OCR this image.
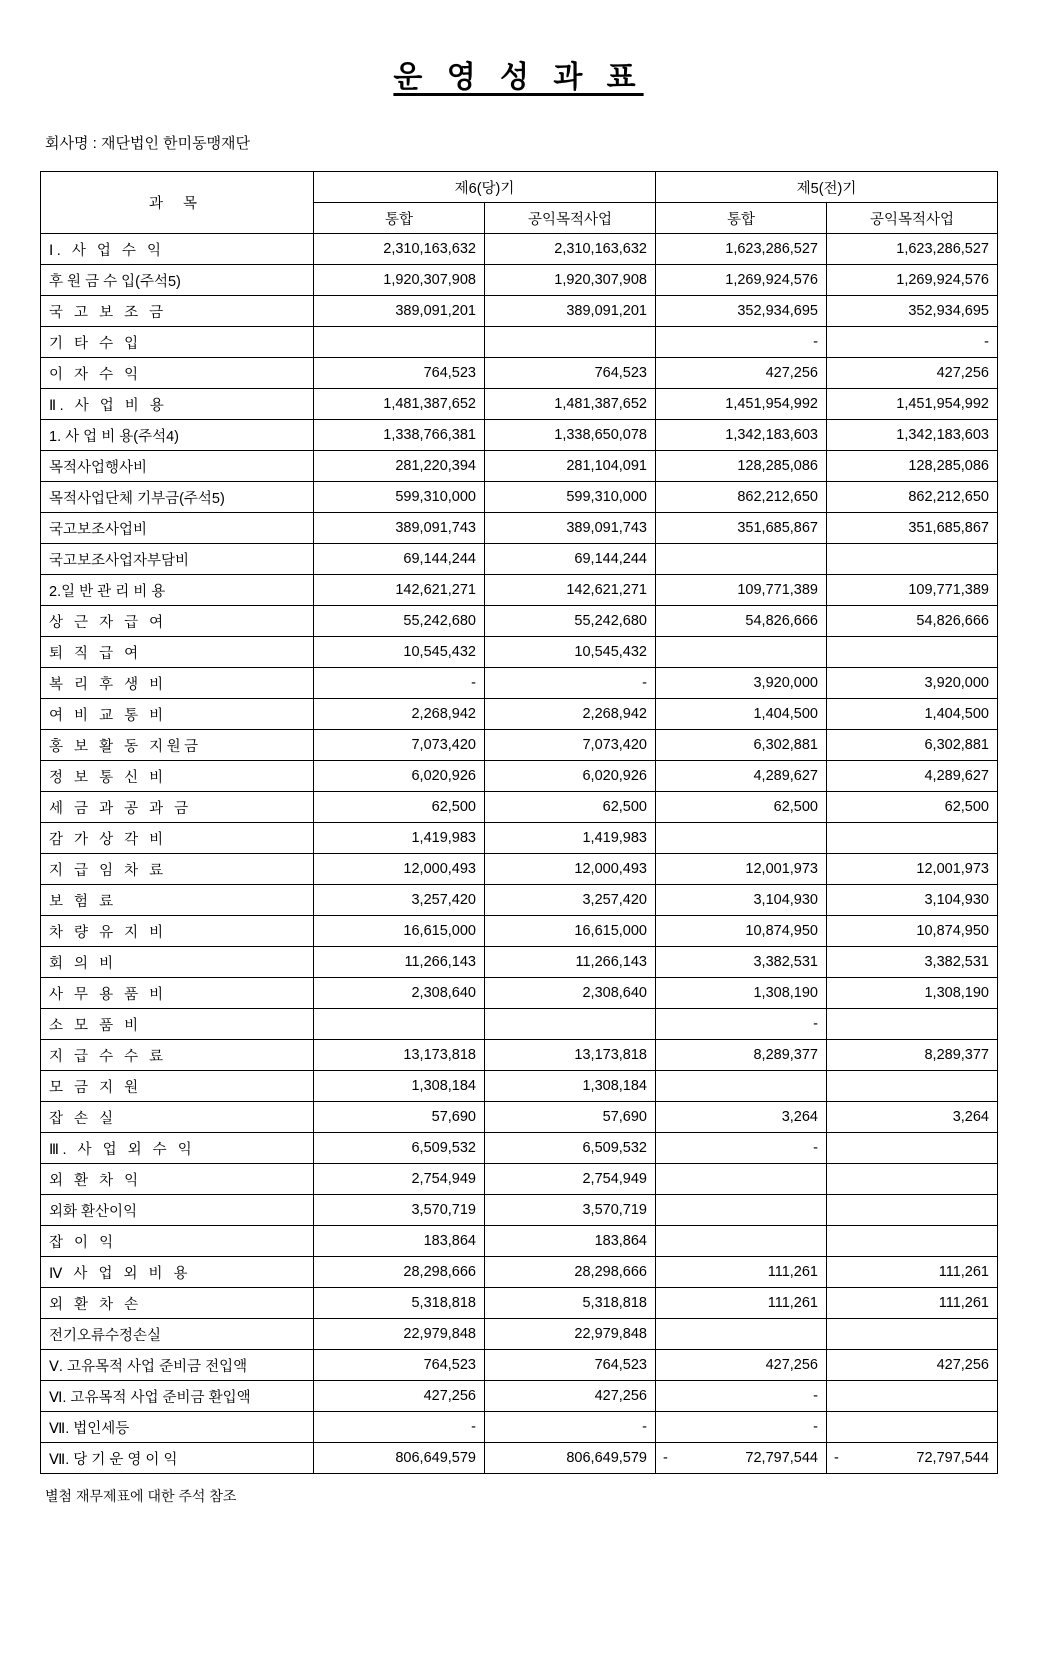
운 영 성 과 표
회사명 : 재단법인 한미동맹재단
과 목	제6(당)기		제5(전)기	
	통합	공익목적사업	통합	공익목적사업
Ⅰ. 사 업 수 익	2,310,163,632	2,310,163,632	1,623,286,527	1,623,286,527
후 원 금 수 입(주석5)	1,920,307,908	1,920,307,908	1,269,924,576	1,269,924,576
국 고 보 조 금	389,091,201	389,091,201	352,934,695	352,934,695
기 타 수 입			-	-
이 자 수 익	764,523	764,523	427,256	427,256
Ⅱ. 사 업 비 용	1,481,387,652	1,481,387,652	1,451,954,992	1,451,954,992
1. 사 업 비 용(주석4)	1,338,766,381	1,338,650,078	1,342,183,603	1,342,183,603
목적사업행사비	281,220,394	281,104,091	128,285,086	128,285,086
목적사업단체 기부금(주석5)	599,310,000	599,310,000	862,212,650	862,212,650
국고보조사업비	389,091,743	389,091,743	351,685,867	351,685,867
국고보조사업자부담비	69,144,244	69,144,244		
2.일 반 관 리 비 용	142,621,271	142,621,271	109,771,389	109,771,389
상 근 자 급 여	55,242,680	55,242,680	54,826,666	54,826,666
퇴 직 급 여	10,545,432	10,545,432		
복 리 후 생 비	-	-	3,920,000	3,920,000
여 비 교 통 비	2,268,942	2,268,942	1,404,500	1,404,500
홍 보 활 동 지원금	7,073,420	7,073,420	6,302,881	6,302,881
정 보 통 신 비	6,020,926	6,020,926	4,289,627	4,289,627
세 금 과 공 과 금	62,500	62,500	62,500	62,500
감 가 상 각 비	1,419,983	1,419,983		
지 급 임 차 료	12,000,493	12,000,493	12,001,973	12,001,973
보 험 료	3,257,420	3,257,420	3,104,930	3,104,930
차 량 유 지 비	16,615,000	16,615,000	10,874,950	10,874,950
회 의 비	11,266,143	11,266,143	3,382,531	3,382,531
사 무 용 품 비	2,308,640	2,308,640	1,308,190	1,308,190
소 모 품 비			-	
지 급 수 수 료	13,173,818	13,173,818	8,289,377	8,289,377
모 금 지 원	1,308,184	1,308,184		
잡 손 실	57,690	57,690	3,264	3,264
Ⅲ. 사 업 외 수 익	6,509,532	6,509,532	-	
외 환 차 익	2,754,949	2,754,949		
외화 환산이익	3,570,719	3,570,719		
잡 이 익	183,864	183,864		
Ⅳ 사 업 외 비 용	28,298,666	28,298,666	111,261	111,261
외 환 차 손	5,318,818	5,318,818	111,261	111,261
전기오류수정손실	22,979,848	22,979,848		
Ⅴ. 고유목적 사업 준비금 전입액	764,523	764,523	427,256	427,256
Ⅵ. 고유목적 사업 준비금 환입액	427,256	427,256	-	
Ⅶ. 법인세등	-	-	-	
Ⅶ. 당 기 운 영 이 익	806,649,579	806,649,579	- 72,797,544	- 72,797,544
별첨 재무제표에 대한 주석 참조
